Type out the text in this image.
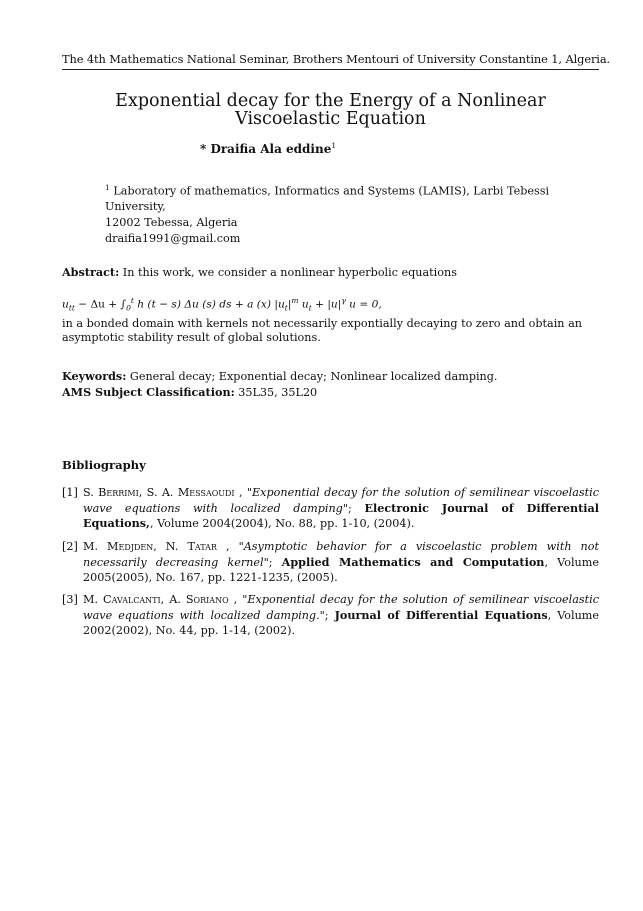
The 4th Mathematics National Seminar, Brothers Mentouri of University Constantine 1, Algeria.
Exponential decay for the Energy of a Nonlinear
Viscoelastic Equation
* Draifia Ala eddine$^1$
$^1$ Laboratory of mathematics, Informatics and Systems (LAMIS), Larbi Tebessi University,
12002 Tebessa, Algeria
draifia1991@gmail.com
Abstract: In this work, we consider a nonlinear hyperbolic equations
$u_{tt} - \Delta u + \int_0^t$ h (t − s) Δu (s) ds + a (x) $|u_t|^m$ $u_t + |u|^\gamma$ u = 0,
in a bonded domain with kernels not necessarily expontially decaying to zero and obtain an asymptotic stability result of global solutions.
Keywords: General decay; Exponential decay; Nonlinear localized damping.
AMS Subject Classification: 35L35, 35L20
Bibliography
[1] S. Berrimi, S. A. Messaoudi , "Exponential decay for the solution of semilinear viscoelastic wave equations with localized damping"; Electronic Journal of Differential Equations,, Volume 2004(2004), No. 88, pp. 1-10, (2004).
[2] M. Medjden, N. Tatar , "Asymptotic behavior for a viscoelastic problem with not necessarily decreasing kernel"; Applied Mathematics and Computation, Volume 2005(2005), No. 167, pp. 1221-1235, (2005).
[3] M. Cavalcanti, A. Soriano , "Exponential decay for the solution of semilinear viscoelastic wave equations with localized damping."; Journal of Differential Equations, Volume 2002(2002), No. 44, pp. 1-14, (2002).
